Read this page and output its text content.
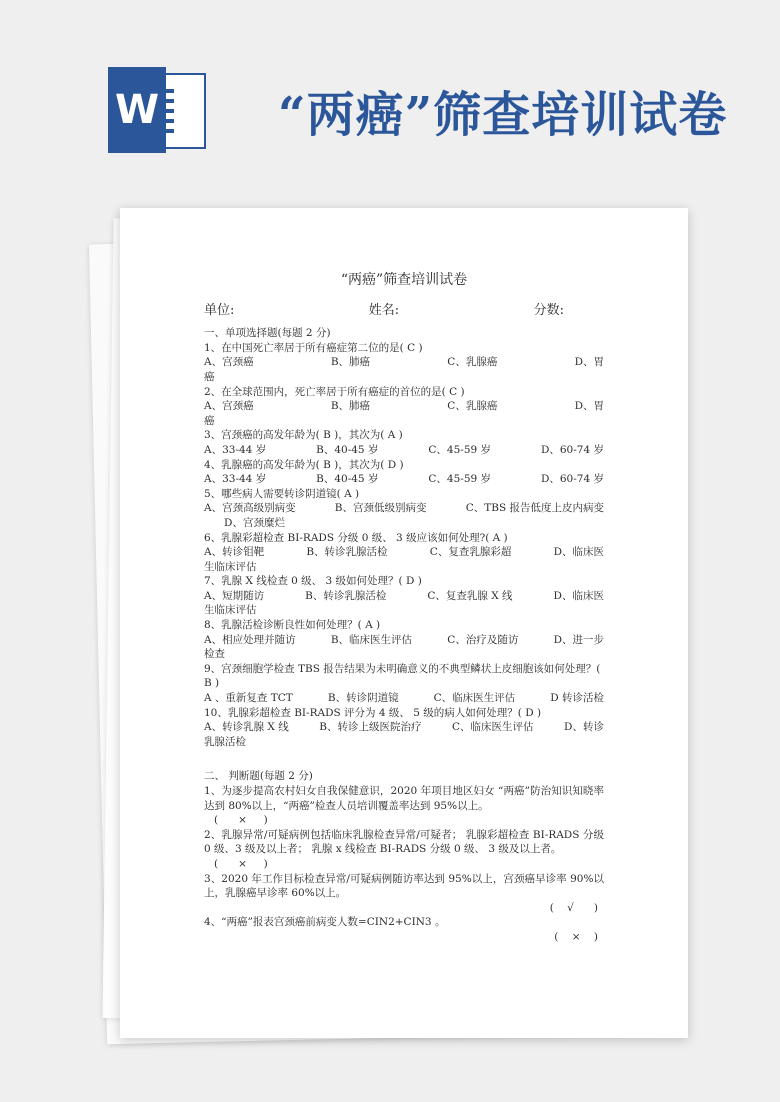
W “两癌”筛查培训试卷
“两癌”筛查培训试卷
单位:	姓名:	分数:
一、单项选择题(每题 2 分)
1、在中国死亡率居于所有癌症第二位的是( C )
A、宫颈癌	B、肺癌	C、乳腺癌	D、胃
癌
2、在全球范围内，死亡率居于所有癌症的首位的是( C )
A、宫颈癌	B、肺癌	C、乳腺癌	D、胃
癌
3、宫颈癌的高发年龄为( B )，其次为( A )
A、33-44 岁	B、40-45 岁	C、45-59 岁	D、60-74 岁
4、乳腺癌的高发年龄为( B )，其次为( D )
A、33-44 岁	B、40-45 岁	C、45-59 岁	D、60-74 岁
5、哪些病人需要转诊阴道镜( A )
A、宫颈高级别病变	B、宫颈低级别病变	C、TBS 报告低度上皮内病变
D、宫颈糜烂
6、乳腺彩超检查 BI-RADS 分级 0 级、 3 级应该如何处理?( A )
A、转诊钼靶	B、转诊乳腺活检	C、复查乳腺彩超	D、临床医
生临床评估
7、乳腺 X 线检查 0 级、 3 级如何处理？( D )
A、短期随访	B、转诊乳腺活检	C、复查乳腺 X 线	D、临床医
生临床评估
8、乳腺活检诊断良性如何处理？( A )
A、相应处理并随访	B、临床医生评估	C、治疗及随访	D、进一步
检查
9、宫颈细胞学检查 TBS 报告结果为未明确意义的不典型鳞状上皮细胞该如何处理？( B )
A 、重新复查 TCT	B、转诊阴道镜	C、临床医生评估	D 转诊活检
10、乳腺彩超检查 BI-RADS 评分为 4 级、 5 级的病人如何处理？( D )
A、转诊乳腺 X 线	B、转诊上级医院治疗	C、临床医生评估	D、转诊
乳腺活检
二、 判断题(每题 2 分)
1、为逐步提高农村妇女自我保健意识，2020 年项目地区妇女 “两癌”防治知识知晓率达到 80%以上，“两癌”检查人员培训覆盖率达到 95%以上。
(      ×     )
2、乳腺异常/可疑病例包括临床乳腺检查异常/可疑者； 乳腺彩超检查 BI-RADS 分级 0 级、3 级及以上者； 乳腺 x 线检查 BI-RADS 分级 0 级、 3 级及以上者。
(      ×     )
3、2020 年工作目标检查异常/可疑病例随访率达到 95%以上，宫颈癌早诊率 90%以上，乳腺癌早诊率 60%以上。
(    √      )
4、“两癌”报表宫颈癌前病变人数=CIN2+CIN3 。
(    ×    )
